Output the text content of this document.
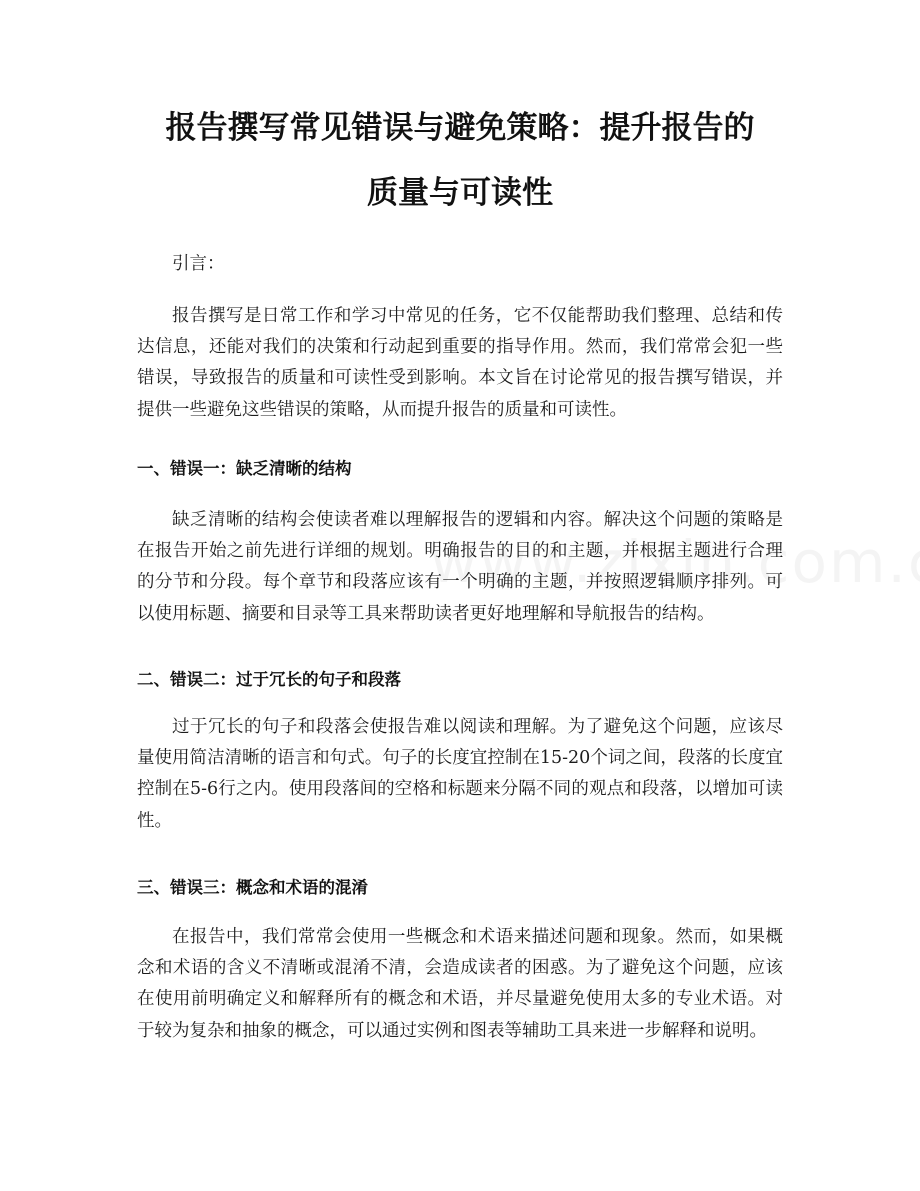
报告撰写常见错误与避免策略：提升报告的
质量与可读性

引言：

报告撰写是日常工作和学习中常见的任务，它不仅能帮助我们整理、总结和传达信息，还能对我们的决策和行动起到重要的指导作用。然而，我们常常会犯一些错误，导致报告的质量和可读性受到影响。本文旨在讨论常见的报告撰写错误，并提供一些避免这些错误的策略，从而提升报告的质量和可读性。

一、错误一：缺乏清晰的结构

缺乏清晰的结构会使读者难以理解报告的逻辑和内容。解决这个问题的策略是在报告开始之前先进行详细的规划。明确报告的目的和主题，并根据主题进行合理的分节和分段。每个章节和段落应该有一个明确的主题，并按照逻辑顺序排列。可以使用标题、摘要和目录等工具来帮助读者更好地理解和导航报告的结构。

二、错误二：过于冗长的句子和段落

过于冗长的句子和段落会使报告难以阅读和理解。为了避免这个问题，应该尽量使用简洁清晰的语言和句式。句子的长度宜控制在15-20个词之间，段落的长度宜控制在5-6行之内。使用段落间的空格和标题来分隔不同的观点和段落，以增加可读性。

三、错误三：概念和术语的混淆

在报告中，我们常常会使用一些概念和术语来描述问题和现象。然而，如果概念和术语的含义不清晰或混淆不清，会造成读者的困惑。为了避免这个问题，应该在使用前明确定义和解释所有的概念和术语，并尽量避免使用太多的专业术语。对于较为复杂和抽象的概念，可以通过实例和图表等辅助工具来进一步解释和说明。
